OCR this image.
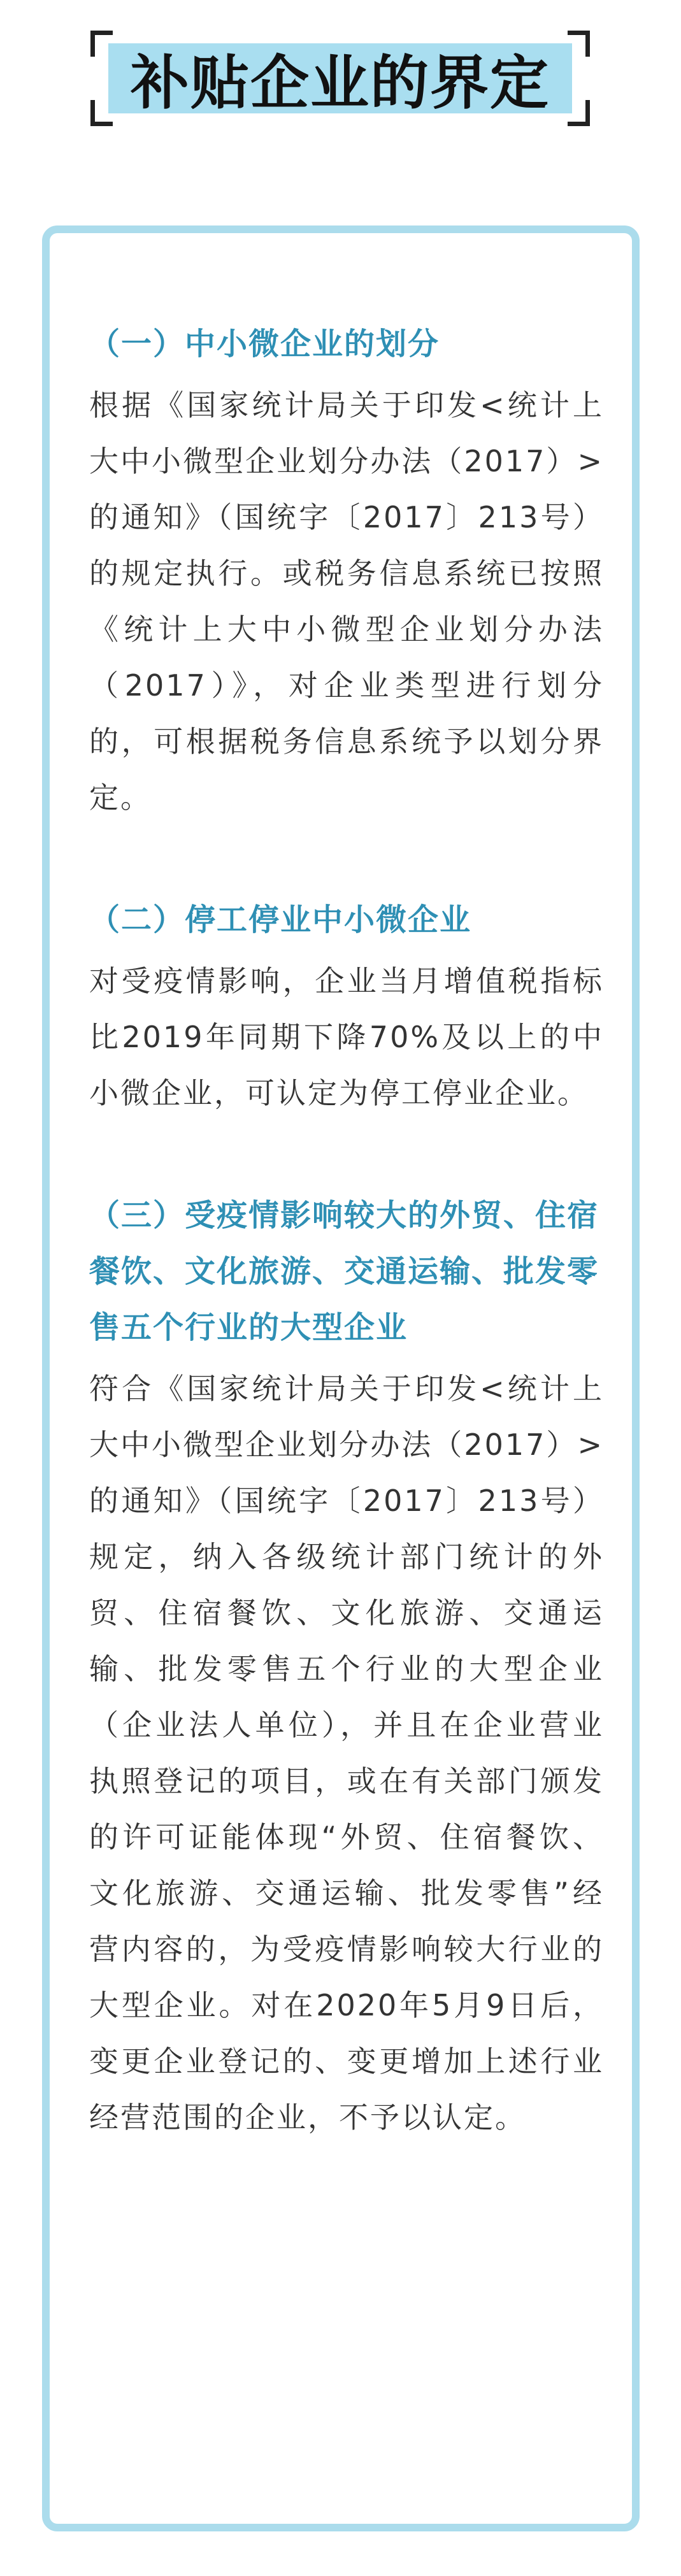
补贴企业的界定
（一）中小微企业的划分

根据《国家统计局关于印发<统计上大中小微型企业划分办法（2017）>的通知》（国统字〔2017〕213号）的规定执行。或税务信息系统已按照《统计上大中小微型企业划分办法（2017）》，对企业类型进行划分的，可根据税务信息系统予以划分界定。

（二）停工停业中小微企业

对受疫情影响，企业当月增值税指标比2019年同期下降70%及以上的中小微企业，可认定为停工停业企业。

（三）受疫情影响较大的外贸、住宿餐饮、文化旅游、交通运输、批发零售五个行业的大型企业

符合《国家统计局关于印发<统计上大中小微型企业划分办法（2017）>的通知》（国统字〔2017〕213号）规定，纳入各级统计部门统计的外贸、住宿餐饮、文化旅游、交通运输、批发零售五个行业的大型企业（企业法人单位），并且在企业营业执照登记的项目，或在有关部门颁发的许可证能体现“外贸、住宿餐饮、文化旅游、交通运输、批发零售”经营内容的，为受疫情影响较大行业的大型企业。对在2020年5月9日后，变更企业登记的、变更增加上述行业经营范围的企业，不予以认定。
